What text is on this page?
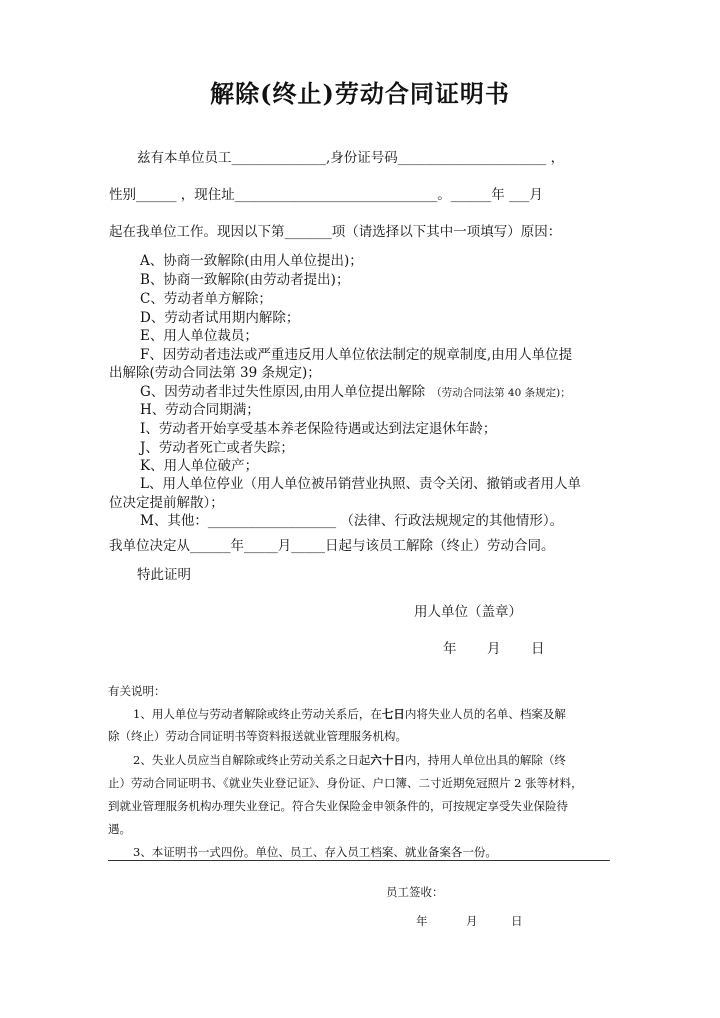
解除(终止)劳动合同证明书
兹有本单位员工______________,身份证号码______________________ ，
性别______ ，现住址______________________________。______年 ___月
起在我单位工作。现因以下第_______项（请选择以下其中一项填写）原因：
A、协商一致解除(由用人单位提出)；
B、协商一致解除(由劳动者提出)；
C、劳动者单方解除；
D、劳动者试用期内解除；
E、用人单位裁员；
F、因劳动者违法或严重违反用人单位依法制定的规章制度,由用人单位提
出解除(劳动合同法第 39 条规定)；
G、因劳动者非过失性原因,由用人单位提出解除 （劳动合同法第 40 条规定)；
H、劳动合同期满；
I、劳动者开始享受基本养老保险待遇或达到法定退休年龄；
J、劳动者死亡或者失踪；
K、用人单位破产；
L、用人单位停业（用人单位被吊销营业执照、责令关闭、撤销或者用人单
位决定提前解散）；
M、其他：___________________ （法律、行政法规规定的其他情形）。
我单位决定从______年_____月_____日起与该员工解除（终止）劳动合同。
特此证明
用人单位（盖章）
年 月 日
有关说明：
1、用人单位与劳动者解除或终止劳动关系后，在七日内将失业人员的名单、档案及解
除（终止）劳动合同证明书等资料报送就业管理服务机构。
2、失业人员应当自解除或终止劳动关系之日起六十日内，持用人单位出具的解除（终
止）劳动合同证明书、《就业失业登记证》、身份证、户口簿、二寸近期免冠照片 2 张等材料，
到就业管理服务机构办理失业登记。符合失业保险金申领条件的，可按规定享受失业保险待
遇。
3、本证明书一式四份。单位、员工、存入员工档案、就业备案各一份。
员工签收：
年	月	日
